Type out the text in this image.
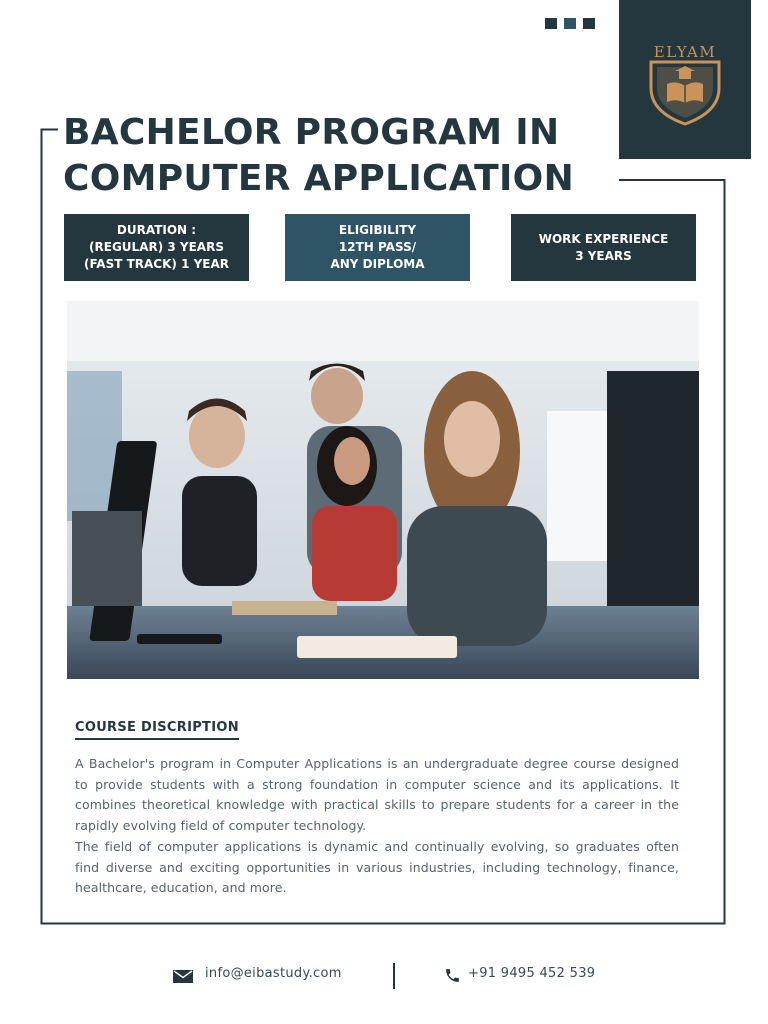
ELYAM
BACHELOR PROGRAM IN
COMPUTER APPLICATION
DURATION :
(REGULAR) 3 YEARS
(FAST TRACK) 1 YEAR
ELIGIBILITY
12TH PASS/
ANY DIPLOMA
WORK EXPERIENCE
3 YEARS
COURSE DISCRIPTION

A Bachelor's program in Computer Applications is an undergraduate degree course designed to provide students with a strong foundation in computer science and its applications. It combines theoretical knowledge with practical skills to prepare students for a career in the rapidly evolving field of computer technology.

The field of computer applications is dynamic and continually evolving, so graduates often find diverse and exciting opportunities in various industries, including technology, finance, healthcare, education, and more.

info@eibastudy.com	+91 9495 452 539
